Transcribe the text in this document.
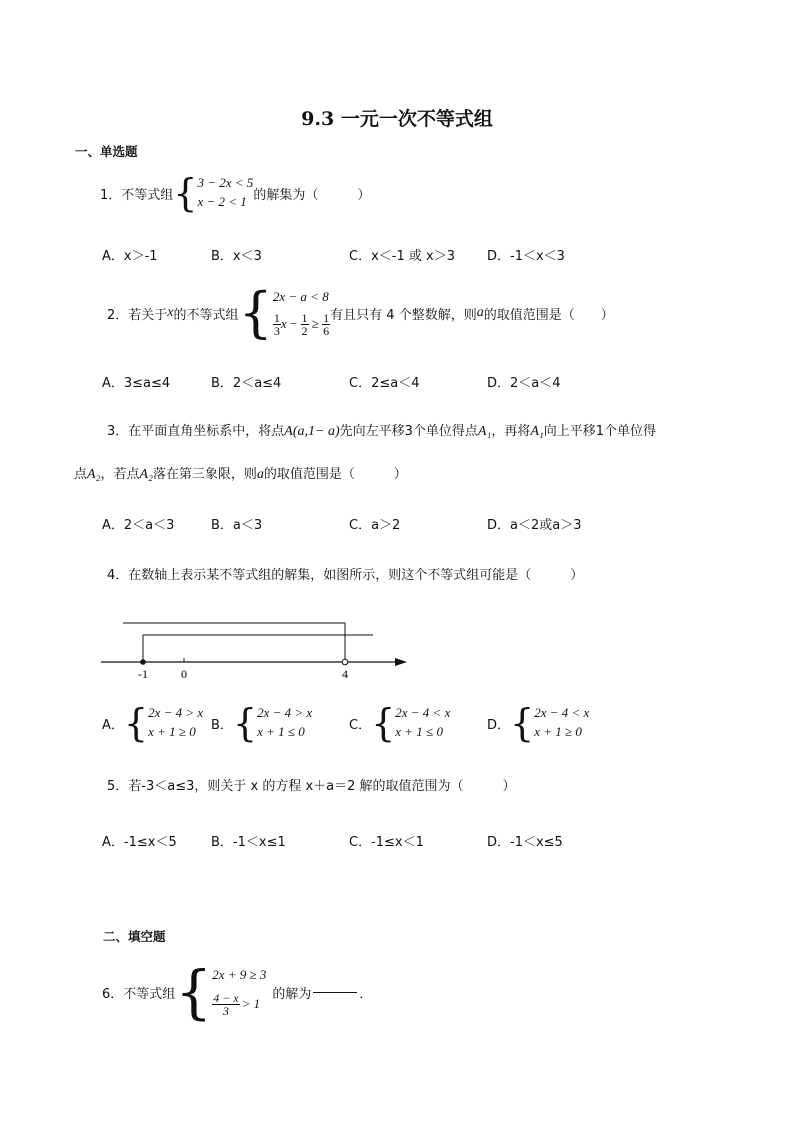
9.3 一元一次不等式组
一、单选题
1． 不等式组 { 3 − 2x < 5
x − 2 < 1 的解集为（　　　）
A．x＞-1	B．x＜3	C．x＜-1 或 x＞3 D．-1＜x＜3
2． 若关于 x 的不等式组 { 2x − a < 8
$\frac{1}{3}$ $x - \frac{1}{2} \ge \frac{1}{6}$ 有且只有 4 个整数解，则 a 的取值范围是（　　）
A．3≤a≤4	B．2＜a≤4	C．2≤a＜4	D．2＜a＜4
3．在平面直角坐标系中，将点A(a,1− a)先向左平移3个单位得点A₁，再将A₁向上平移1个单位得
点A₂，若点A₂落在第三象限，则a的取值范围是（　　　）
A．2＜a＜3	B．a＜3	C．a＞2	D．a＜2或a＞3
4．在数轴上表示某不等式组的解集，如图所示，则这个不等式组可能是（　　　）
-1	0	4
A． { 2x − 4 > x
x + 1 ≥ 0	B． { 2x − 4 > x
x + 1 ≤ 0	C． { 2x − 4 < x
x + 1 ≤ 0	D． { 2x − 4 < x
x + 1 ≥ 0
5．若-3＜a≤3，则关于 x 的方程 x＋a＝2 解的取值范围为（　　　）
A．-1≤x＜5	B．-1＜x≤1	C．-1≤x＜1	D．-1＜x≤5
二、填空题
6． 不等式组 { 2x + 9 ≥ 3
$\frac{4 - x}{3} > 1$
的解为	．
